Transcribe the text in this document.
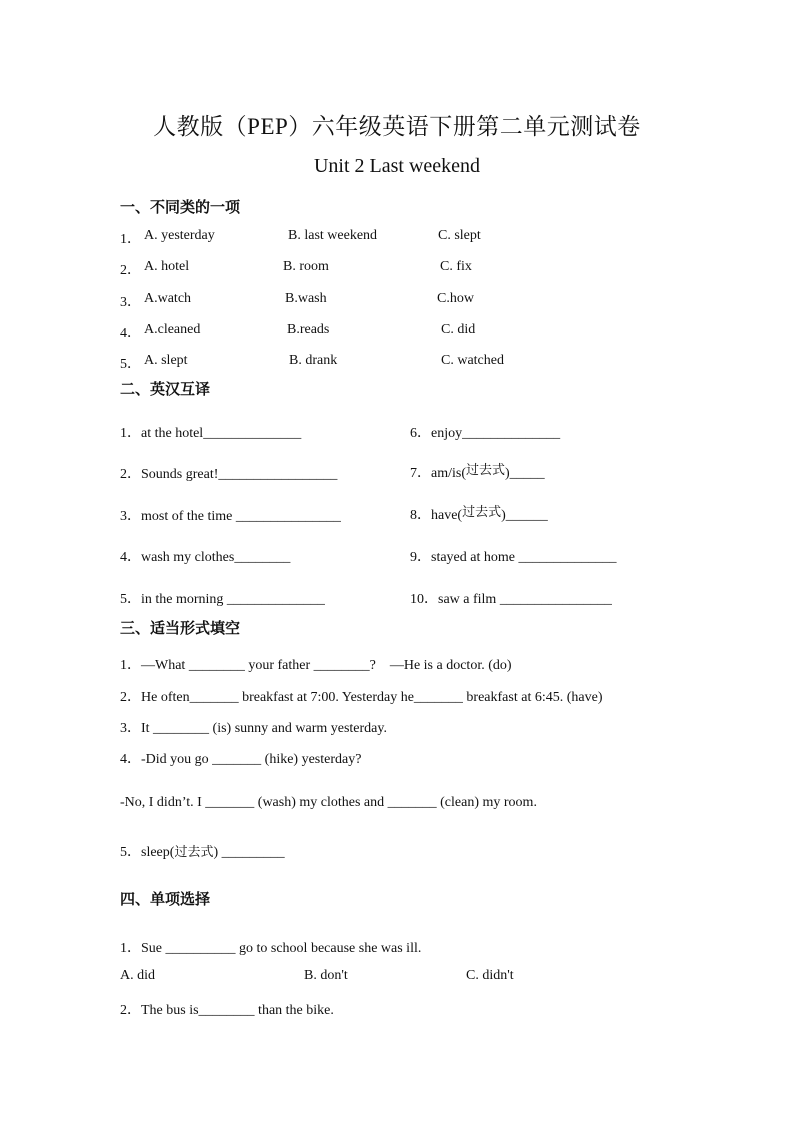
人教版（PEP）六年级英语下册第二单元测试卷
Unit 2 Last weekend
一、不同类的一项
1． A. yesterday	B. last weekend	C. slept
2． A. hotel	B. room	C. fix
3． A.watch	B.wash	C.how
4． A.cleaned	B.reads	C. did
5． A. slept	B. drank	C. watched
二、英汉互译
1．at the hotel______________
2．Sounds great!_________________
3．most of the time _______________
4．wash my clothes________
5．in the morning ______________
6．enjoy______________
7．am/is(过去式)_____
8．have(过去式)______
9．stayed at home ______________
10．saw a film ________________
三、适当形式填空
1．—What ________ your father ________?　—He is a doctor. (do)
2．He often_______ breakfast at 7:00. Yesterday he_______ breakfast at 6:45. (have)
3．It ________ (is) sunny and warm yesterday.
4．-Did you go _______ (hike) yesterday?
-No, I didn’t. I _______ (wash) my clothes and _______ (clean) my room.
5．sleep(过去式) _________
四、单项选择
1．Sue __________ go to school because she was ill.
A. did	B. don't	C. didn't
2．The bus is________ than the bike.
